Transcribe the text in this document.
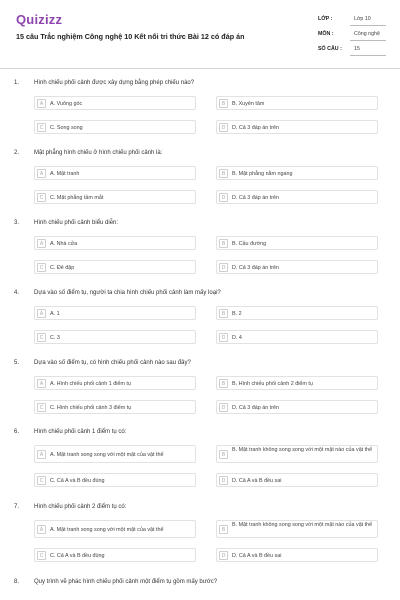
Quizizz
15 câu Trắc nghiệm Công nghệ 10 Kết nối tri thức Bài 12 có đáp án
LỚP :	Lớp 10
MÔN :	Công nghệ
SỐ CÂU : 15
1. Hình chiếu phối cảnh được xây dựng bằng phép chiếu nào?
A	A. Vuông góc	B	B. Xuyên tâm
C	C. Song song	D	D. Cả 3 đáp án trên
2. Mặt phẳng hình chiếu ở hình chiếu phối cảnh là:
A	A. Mặt tranh	B	B. Mặt phẳng nằm ngang
C	C. Mặt phẳng tầm mắt	D	D. Cả 3 đáp án trên
3. Hình chiếu phối cảnh biểu diễn:
A	A. Nhà cửa	B	B. Cầu đường
C	C. Đê đập	D	D. Cả 3 đáp án trên
4. Dựa vào số điểm tụ, người ta chia hình chiếu phối cảnh làm mấy loại?
A	A. 1	B	B. 2
C	C. 3	D	D. 4
5. Dựa vào số điểm tụ, có hình chiếu phối cảnh nào sau đây?
A	A. Hình chiếu phối cảnh 1 điểm tụ	B	B. Hình chiếu phối cảnh 2 điểm tụ
C	C. Hình chiếu phối cảnh 3 điểm tụ	D	D. Cả 3 đáp án trên
6. Hình chiếu phối cảnh 1 điểm tụ có:
A	A. Mặt tranh song song với một mặt của vật thể	B
B. Mặt tranh không song song với một mặt nào của vật thể
C	C. Cả A và B đều đúng	D	D. Cả A và B đều sai
7. Hình chiếu phối cảnh 2 điểm tụ có:
A	A. Mặt tranh song song với một mặt của vật thể	B
B. Mặt tranh không song song với một mặt nào của vật thể
C	C. Cả A và B đều đúng	D	D. Cả A và B đều sai
8. Quy trình vẽ phác hình chiếu phối cảnh một điểm tụ gồm mấy bước?
